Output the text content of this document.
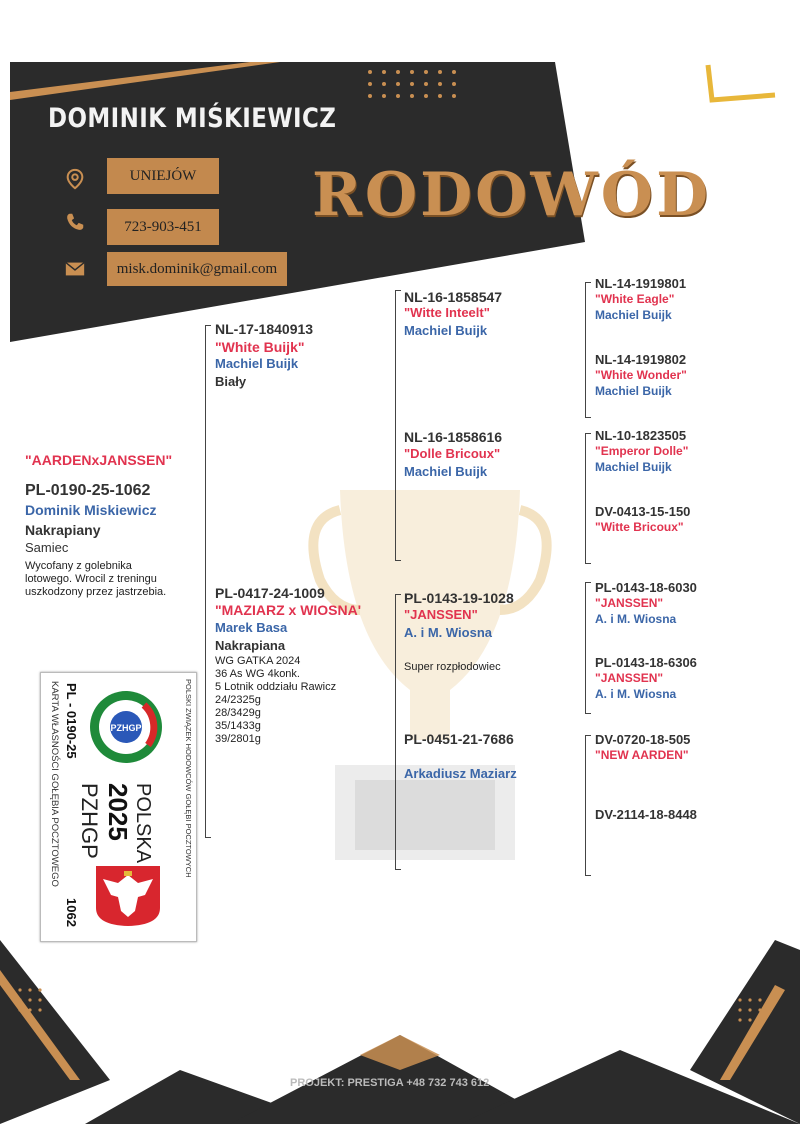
DOMINIK MIŚKIEWICZ
UNIEJÓW
723-903-451
misk.dominik@gmail.com
RODOWÓD
"AARDENxJANSSEN"
PL-0190-25-1062
Dominik Miskiewicz
Nakrapiany
Samiec
Wycofany z golebnika
lotowego. Wrocil z treningu
uszkodzony przez jastrzebia.
NL-17-1840913
"White Buijk"
Machiel Buijk
Biały
PL-0417-24-1009
"MAZIARZ x WIOSNA'
Marek Basa
Nakrapiana
WG GATKA 2024
36 As WG 4konk.
5 Lotnik oddziału Rawicz
24/2325g
28/3429g
35/1433g
39/2801g
NL-16-1858547
"Witte Inteelt"
Machiel Buijk
NL-16-1858616
"Dolle Bricoux"
Machiel Buijk
PL-0143-19-1028
"JANSSEN"
A. i M. Wiosna
Super rozpłodowiec
PL-0451-21-7686
Arkadiusz Maziarz
NL-14-1919801
"White Eagle"
Machiel Buijk
NL-14-1919802
"White Wonder"
Machiel Buijk
NL-10-1823505
"Emperor Dolle"
Machiel Buijk
DV-0413-15-150
"Witte Bricoux"
PL-0143-18-6030
"JANSSEN"
A. i M. Wiosna
PL-0143-18-6306
"JANSSEN"
A. i M. Wiosna
DV-0720-18-505
"NEW AARDEN"
DV-2114-18-8448
PROJEKT: PRESTIGA +48 732 743 612
POLSKI ZWIĄZEK HODOWCÓW GOŁĘBI POCZTOWYCH
POLSKA
2025
PZHGP
PL - 0190-25
1062
KARTA WŁASNOŚCI GOŁĘBIA POCZTOWEGO	PZHGP
